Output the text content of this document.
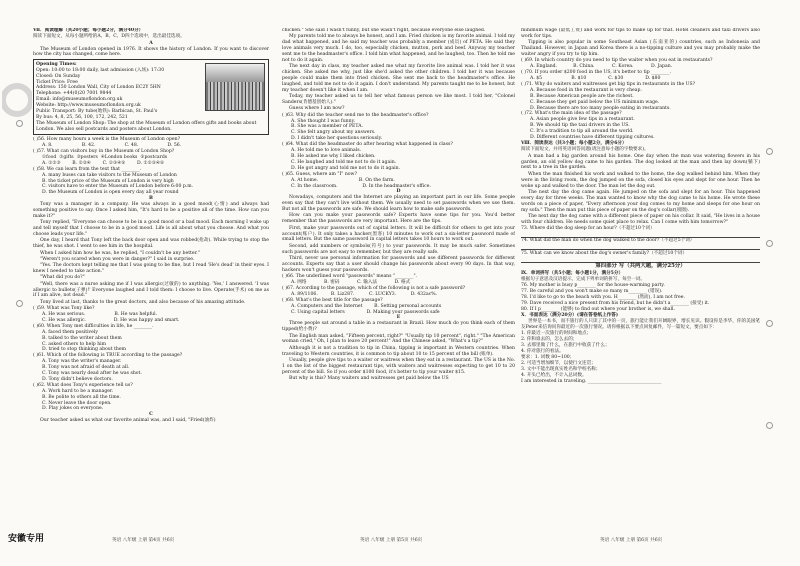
Ⅶ．阅读理解（共20小题；每小题2分，满分40分）
阅读下面短文，从每小题所给的A、B、C、D四个选项中，选出最佳选项。
A
The Museum of London opened in 1976. It shows the history of London. If you want to discover how the city has changed, come here.
Opening Times:
Open: 10:00 to 18:00 daily, last admission (入场): 17:30
Closed: On Sunday
Ticket Price: Free
Address: 150 London Wall, City of London EC2Y 5HN
Telephone: +44(0)20 7001 9844
Email: info@museumoflondon.org.uk
Website: http://www.museumoflondon.org.uk
Public Transport: By tube(地铁): Barbican, St. Paul's
By bus: 4, 8, 25, 56, 100, 172, 242, 521
The Museum of London Shop: The shop at the Museum of London offers gifts and books about London. We also sell postcards and posters about London.
( )56. How many hours a week is the Museum of London open?
A. 8.                    B. 42.                    C. 48.                    D. 56.
( )57. What can visitors buy in the Museum of London Shop?
①food  ②gifts  ③posters  ④London books  ⑤postcards
A. ①②③        B. ②③④        C. ②③④⑤        D. ①②③④⑤
( )58. We can learn from the text that ________.
A. many buses can take visitors to the Museum of London
B. the ticket price of the Museum of London is very high
C. visitors have to enter the Museum of London before 6:00 p.m.
D. the Museum of London is open every day all year round
B
Tony was a manager in a company. He was always in a good mood(心情) and always had something positive to say. Once I asked him, "It's hard to be a positive all of the time. How can you make it?"
Tony replied, "Everyone can choose to be in a good mood or a bad mood. Each morning I wake up and tell myself that I choose to be in a good mood. Life is all about what you choose. And what you choose leads your life."
One day, I heard that Tony left the back door open and was robbed(抢劫). While trying to stop the thief, he was shot. I went to see him in the hospital.
When I asked him how he was, he replied, "I couldn't be any better."
"Weren't you scared when you were in danger?" I said in surprise.
"Yes. The doctors kept telling me that I was going to be fine, but I read 'He's dead' in their eyes. I knew I needed to take action."
"What did you do?"
"Well, there was a nurse asking me if I was allergic(过敏的) to anything. 'Yes,' I answered. 'I was allergic to bullets(子弹)!' Everyone laughed and I told them: I choose to live. Operate(手术) on me as if I am alive, not dead."
Tony lived at last, thanks to the great doctors, and also because of his amazing attitude.
( )59. What was Tony like?
A. He was serious.                    B. He was helpful.
C. He was allergic.                   D. He was happy and smart.
( )60. When Tony met difficulties in life, he ________.
A. faced them positively
B. talked to the writer about them
C. asked others to help him
D. tried to stop thinking about them
( )61. Which of the following is TRUE according to the passage?
A. Tony was the writer's manager.
B. Tony was not afraid of death at all.
C. Tony was nearly dead after he was shot.
D. Tony didn't believe doctors.
( )62. What does Tony's experience tell us?
A. Work hard to be a manager.
B. Be polite to others all the time.
C. Never leave the door open.
D. Play jokes on everyone.
C
Our teacher asked us what our favorite animal was, and I said, "Fried(油炸)
chicken." She said I wasn't funny, but she wasn't right, because everyone else laughed.
My parents told me to always be honest, and I am. Fried chicken is my favorite animal. I told my dad what happened, and he said my teacher was probably a member (成员) of PETA. He said they love animals very much. I do, too, especially chicken, mutton, pork and beef. Anyway my teacher sent me to the headmaster's office. I told him what happened, and he laughed, too. Then he told me not to do it again.
The next day in class, my teacher asked me what my favorite live animal was. I told her it was chicken. She asked me why, just like she'd asked the other children. I told her it was because people could make them into fried chicken. She sent me back to the headmaster's office. He laughed, and told me not to do it again. I don't understand. My parents taught me to be honest, but my teacher doesn't like it when I am.
Today, my teacher asked us to tell her what famous person we like most. I told her, "Colonel Sanders(肯德基创始人)."
Guess where I am now?
( )63. Why did the teacher send me to the headmaster's office?
A. She thought I was funny.
B. She was a member of PETA.
C. She felt angry about my answers.
D. I didn't take her questions seriously.
( )64. What did the headmaster do after hearing what happened in class?
A. He told me to love animals.
B. He asked me why I liked chicken.
C. He laughed and told me not to do it again.
D. He got angry and told me not to do it again.
( )65. Guess, where am "I" now?
A. At home.                            B. On the farm.
C. In the classroom.                 D. In the headmaster's office.
D
Nowadays, computers and the Internet are playing an important part in our life. Some people even say that they can't live without them. We usually need to set passwords when we use them. But not all the passwords are safe. We should learn how to make safe passwords.
How can you make your passwords safe? Experts have some tips for you. You'd better remember that the passwords are very important. Here are the tips.
First, make your passwords out of capital letters. It will be difficult for others to get into your account(账户). It only takes a hacker(黑客) 10 minutes to work out a six-letter password made of small letters. But the same password in capital letters takes 10 hours to work out.
Second, add numbers or symbols(符号) to your passwords. It may be much safer. Sometimes such passwords are not easy to remember, but they are really safe.
Third, never use personal information for passwords and use different passwords for different accounts. Experts say that a user should change his passwords about every 90 days. In that way, hackers won't guess your passwords.
( )66. The underlined word "passwords" means "________".
A. 网络            B. 密码            C. 输入法            D. 格式
( )67. According to the passage, which of the following is not a safe password?
A. 89/1106.         B. Liz287.          C. LUCKY3.          D. 432ac%.
( )68. What's the best title for the passage?
A. Computers and the Internet        B. Setting personal accounts
C. Using capital letters               D. Making your passwords safe
E
Three people sat around a table in a restaurant in Brazil. How much do you think each of them tipped(给小费)?
The English man asked, "Fifteen percent, right?" "Usually tip 10 percent", right." "The American woman cried," Oh, I plan to leave 20 percent!" And the Chinese asked, "What's a tip?"
Although it is not a tradition to tip in China, tipping is important in Western countries. When traveling to Western countries, it is common to tip about 10 to 15 percent of the bill (账单).
Usually, people give tips to a waiter or waitress when they eat in a restaurant. The US is the No. 1 on the list of the biggest restaurant tips, with waiters and waitresses expecting to get 10 to 20 percent of the bill. So if you order $100 food, it's better to tip your waiter $15.
But why is this? Many waiters and waitresses get paid below the US
minimum wage (最低工资) and work for tips to make up for that. Hotel cleaners and taxi drivers also work for tips.
Tipping is also popular in some Southeast Asian (东南亚的) countries, such as Indonesia and Thailand. However, in Japan and Korea there is a no-tipping culture and you may probably make the waiter angry if you try to tip him.
( )69. In which country do you need to tip the waiter when you eat in restaurants?
A. England.           B. China.            C. Korea.            D. Japan.
( )70. If you order $200 food in the US, it's better to tip ________.
A. $5                    B. $10               C. $30               D. $80
( )71. Why do waiters and waitresses get big tips in restaurants in the US?
A. Because food in the restaurant is very cheap.
B. Because American people are the richest.
C. Because they get paid below the US minimum wage.
D. Because there are too many people eating in restaurants.
( )72. What's the main idea of the passage?
A. Asian people give few tips in a restaurant.
B. We should tip the taxi drivers in the US.
C. It's a tradition to tip all around the world.
D. Different countries have different tipping cultures.
Ⅷ．阅读表达（共3小题；每小题2分，满分6分）
阅读下面短文，并用英语回答问题(请注意每小题的字数要求)。
A man had a big garden around his home. One day when the man was watering flowers in his garden, an old yellow dog came to his garden. The dog looked at the man and then lay down(躺下) next to a tree in the garden.
When the man finished his work and walked to the home, the dog walked behind him. When they were in the living room, the dog jumped on the sofa, closed his eyes and slept for one hour. Then he woke up and walked to the door. The man let the dog out.
The next day the dog came again. He jumped on the sofa and slept for an hour. This happened every day for three weeks. The man wanted to know why the dog came to his home. He wrote these words on a piece of paper, "Every afternoon your dog comes to my home and sleeps for one hour on my sofa." Then the man put this piece of paper on the dog's collar(项圈).
The next day the dog came with a different piece of paper on his collar. It said, "He lives in a house with four children. He needs some quiet place to relax. Can I come with him tomorrow?"
73. Where did the dog sleep for an hour?（不超过10个词）
74. What did the man do when the dog walked to the door?（不超过5个词）
75. What can we know about the dog's owner's family?（不超过10个词）
第四部分 写（共两大题，满分25分）
Ⅸ．单词拼写（共5小题；每小题1分，满分5分）
根据句子意思及汉语提示，完成下列单词的拼写，每空一词。
76. My mother is busy p________ for the house-warming party.
77. Be careful and you won't make so many m________ (错误).
78. I'd like to go to the beach with you. H________ (然而), I am not free.
79. Dave received a nice present from his friend, but he didn't a________ (接受) it.
80. If I p________ (能够) to find out where your brother is, we shall.
Ⅹ．书面表达（满分20分）(请在答卷纸上作答)
世界是一本书，而不旅行的人只读了其中的一页，旅行能让我们开阔眼界，增长见识。假设你是李华，你的美国笔友Peter来信询问你最近的一次旅行情况。请你根据以下要点回复邮件，写一篇短文，要点如下：
1. 你最近一次旅行的时间和地点；
2. 你和谁去的，怎么去的；
3. 去那里做了什么，在旅行中收获了什么；
4. 你对旅行的看法。
要求：1. 词数 80~100；
2. 可适当增加细节，以使行文连贯；
3. 文中不能出现真实姓名和学校名称；
4. 开头已给出，不计入总词数。
I am interested in traveling. ________________________________
安徽专用	英语 八年级 上册 第4页 共6页	英语 八年级 上册 第5页 共6页	英语 八年级 上册 第6页 共6页
